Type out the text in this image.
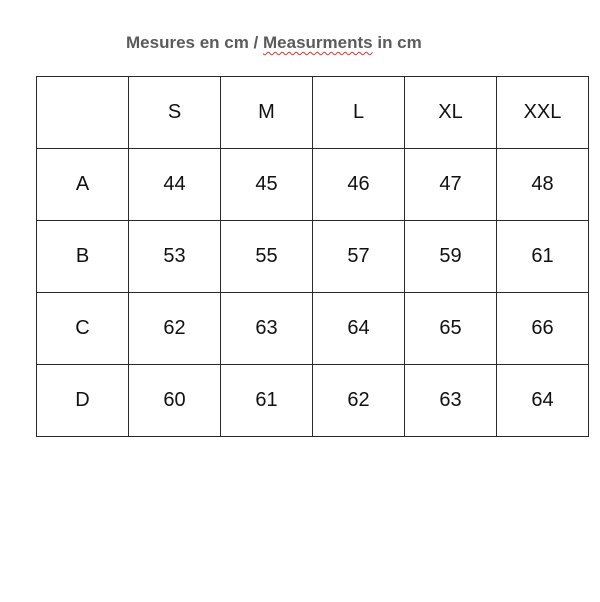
Mesures en cm / Measurments in cm
	S	M	L	XL	XXL
A	44	45	46	47	48
B	53	55	57	59	61
C	62	63	64	65	66
D	60	61	62	63	64
